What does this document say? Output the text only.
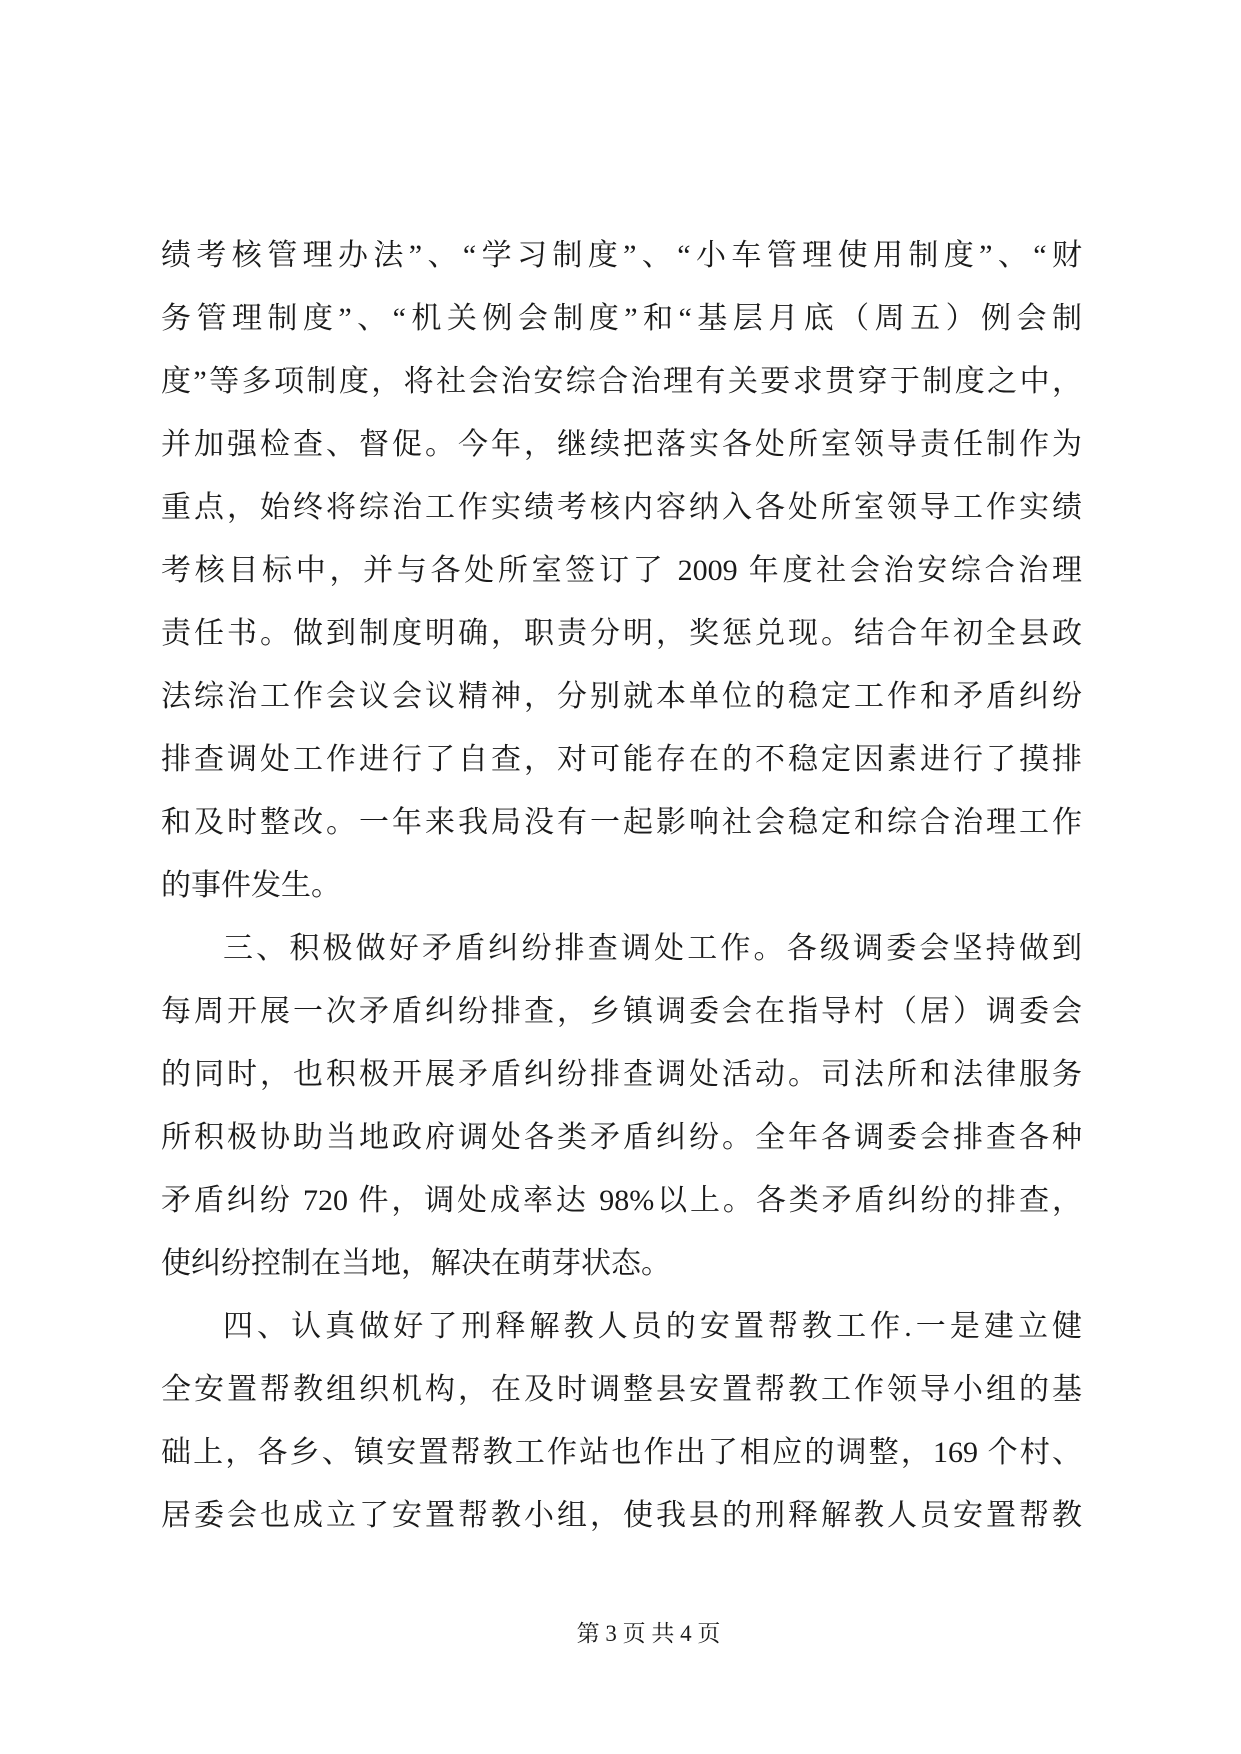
绩考核管理办法”、“学习制度”、“小车管理使用制度”、“财
务管理制度”、“机关例会制度”和“基层月底（周五）例会制
度”等多项制度，将社会治安综合治理有关要求贯穿于制度之中，
并加强检查、督促。今年，继续把落实各处所室领导责任制作为
重点，始终将综治工作实绩考核内容纳入各处所室领导工作实绩
考核目标中，并与各处所室签订了 2009 年度社会治安综合治理
责任书。做到制度明确，职责分明，奖惩兑现。结合年初全县政
法综治工作会议会议精神，分别就本单位的稳定工作和矛盾纠纷
排查调处工作进行了自查，对可能存在的不稳定因素进行了摸排
和及时整改。一年来我局没有一起影响社会稳定和综合治理工作
的事件发生。
三、积极做好矛盾纠纷排查调处工作。各级调委会坚持做到
每周开展一次矛盾纠纷排查，乡镇调委会在指导村（居）调委会
的同时，也积极开展矛盾纠纷排查调处活动。司法所和法律服务
所积极协助当地政府调处各类矛盾纠纷。全年各调委会排查各种
矛盾纠纷 720 件，调处成率达 98%以上。各类矛盾纠纷的排查，
使纠纷控制在当地，解决在萌芽状态。
四、认真做好了刑释解教人员的安置帮教工作.一是建立健
全安置帮教组织机构，在及时调整县安置帮教工作领导小组的基
础上，各乡、镇安置帮教工作站也作出了相应的调整，169 个村、
居委会也成立了安置帮教小组，使我县的刑释解教人员安置帮教
第 3 页 共 4 页
